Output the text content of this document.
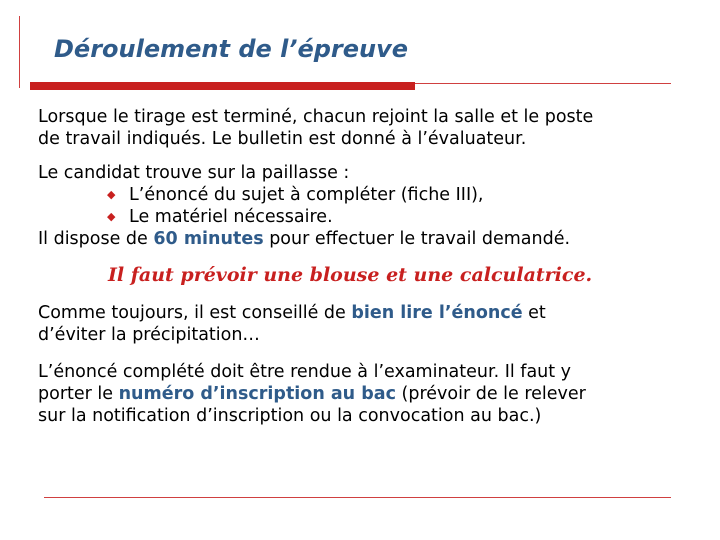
Déroulement de l’épreuve
Lorsque le tirage est terminé, chacun rejoint la salle et le poste
de travail indiqués. Le bulletin est donné à l’évaluateur.
Le candidat trouve sur la paillasse :
◆ L’énoncé du sujet à compléter (fiche III),
◆ Le matériel nécessaire.
Il dispose de 60 minutes pour effectuer le travail demandé.
Comme toujours, il est conseillé de bien lire l’énoncé et
d’éviter la précipitation…
L’énoncé complété doit être rendue à l’examinateur. Il faut y
porter le numéro d’inscription au bac (prévoir de le relever
sur la notification d’inscription ou la convocation au bac.)
Il faut prévoir une blouse et une calculatrice.
